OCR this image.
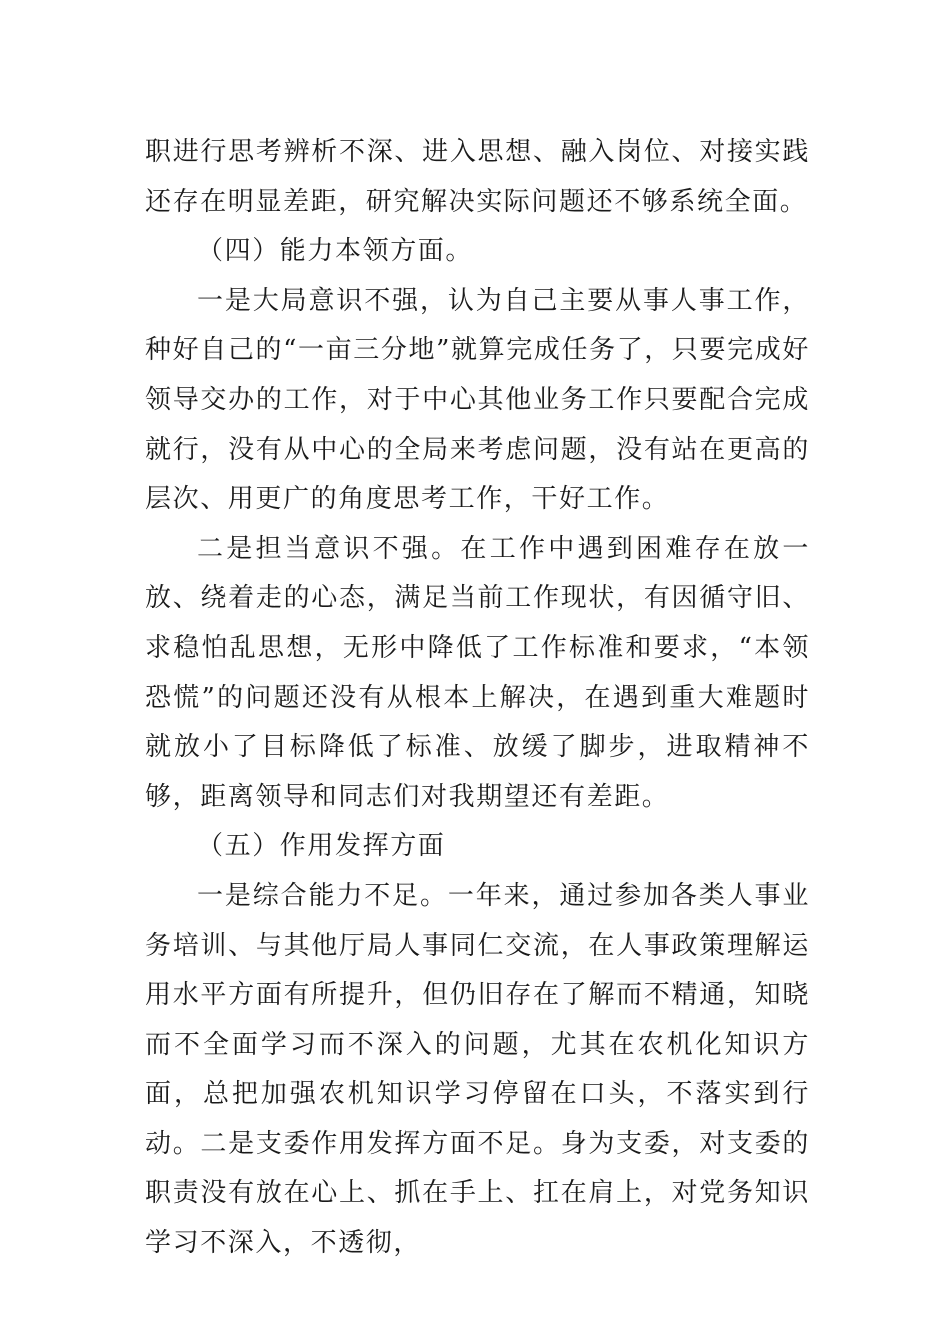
职进行思考辨析不深、进入思想、融入岗位、对接实践还存在明显差距，研究解决实际问题还不够系统全面。

（四）能力本领方面。

一是大局意识不强，认为自己主要从事人事工作，种好自己的“一亩三分地”就算完成任务了，只要完成好领导交办的工作，对于中心其他业务工作只要配合完成就行，没有从中心的全局来考虑问题，没有站在更高的层次、用更广的角度思考工作，干好工作。

二是担当意识不强。在工作中遇到困难存在放一放、绕着走的心态，满足当前工作现状，有因循守旧、求稳怕乱思想，无形中降低了工作标准和要求，“本领恐慌”的问题还没有从根本上解决，在遇到重大难题时就放小了目标降低了标准、放缓了脚步，进取精神不够，距离领导和同志们对我期望还有差距。

（五）作用发挥方面

一是综合能力不足。一年来，通过参加各类人事业务培训、与其他厅局人事同仁交流，在人事政策理解运用水平方面有所提升，但仍旧存在了解而不精通，知晓而不全面学习而不深入的问题，尤其在农机化知识方面，总把加强农机知识学习停留在口头，不落实到行动。二是支委作用发挥方面不足。身为支委，对支委的职责没有放在心上、抓在手上、扛在肩上，对党务知识学习不深入，不透彻，
